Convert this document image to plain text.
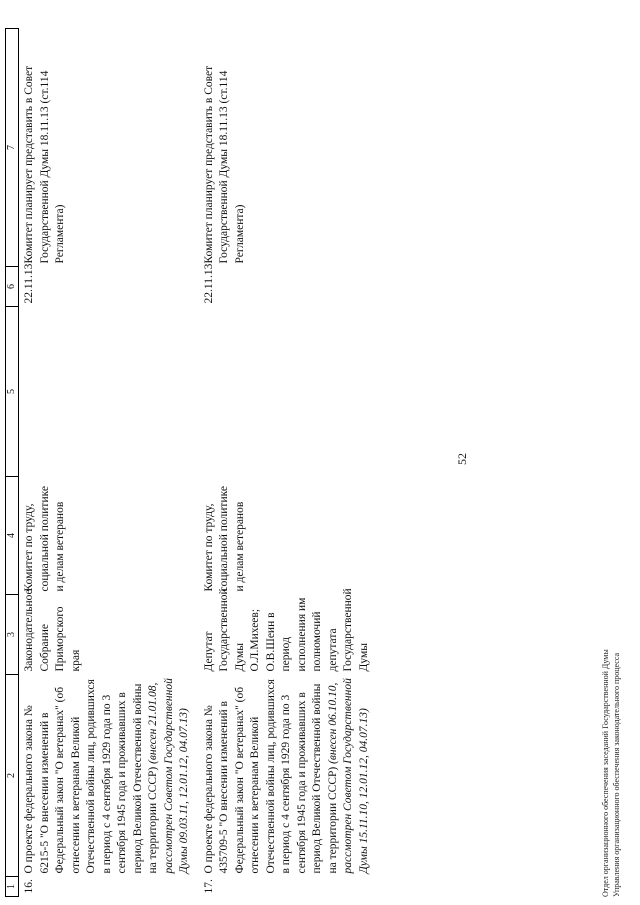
1	2	3	4	5	6	7
16.	О проекте федерального закона № 6215-5 "О внесении изменений в Федеральный закон "О ветеранах" (об отнесении к ветеранам Великой Отечественной войны лиц, родившихся в период с 4 сентября 1929 года по 3 сентября 1945 года и проживавших в период Великой Отечественной войны на территории СССР) (внесен 21.01.08, рассмотрен Советом Государственной Думы 09.03.11, 12.01.12, 04.07.13)	Законодательное Собрание Приморского края	Комитет по труду, социальной политике и делам ветеранов		22.11.13	Комитет планирует представить в Совет Государственной Думы 18.11.13 (ст.114 Регламента)
17.	О проекте федерального закона № 435709-5 "О внесении изменений в Федеральный закон "О ветеранах" (об отнесении к ветеранам Великой Отечественной войны лиц, родившихся в период с 4 сентября 1929 года по 3 сентября 1945 года и проживавших в период Великой Отечественной войны на территории СССР) (внесен 06.10.10, рассмотрен Советом Государственной Думы 15.11.10, 12.01.12, 04.07.13)	Депутат Государственной Думы О.Л.Михеев; О.В.Шеин в период исполнения им полномочий депутата Государственной Думы	Комитет по труду, социальной политике и делам ветеранов		22.11.13	Комитет планирует представить в Совет Государственной Думы 18.11.13 (ст.114 Регламента)
52
Отдел организационного обеспечения заседаний Государственной Думы Управления организационного обеспечения законодательного процесса
